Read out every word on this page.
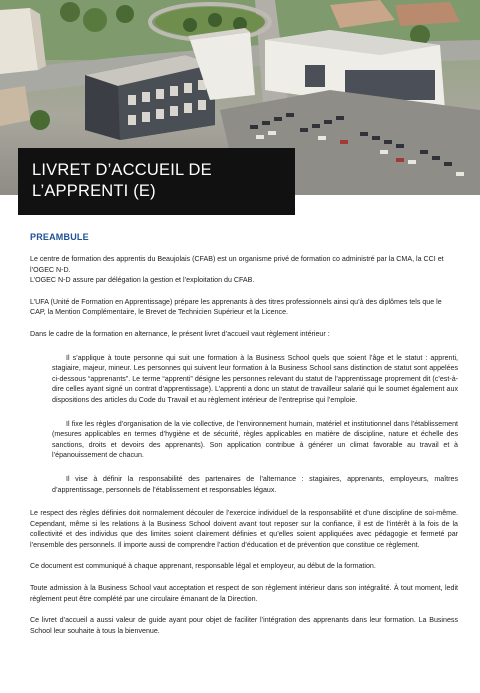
LIVRET D’ACCUEIL DE
L’APPRENTI (E)
PREAMBULE

Le centre de formation des apprentis du Beaujolais (CFAB) est un organisme privé de formation co administré par la CMA, la CCI et l’OGEC N-D.

L’OGEC N-D assure par délégation la gestion et l’exploitation du CFAB.

L’UFA (Unité de Formation en Apprentissage) prépare les apprenants à des titres professionnels ainsi qu’à des diplômes tels que le CAP, la Mention Complémentaire, le Brevet de Technicien Supérieur et la Licence.

Dans le cadre de la formation en alternance, le présent livret d’accueil vaut règlement intérieur :

Il s’applique à toute personne qui suit une formation à la Business School quels que soient l’âge et le statut : apprenti, stagiaire, majeur, mineur. Les personnes qui suivent leur formation à la Business School sans distinction de statut sont appelées ci-dessous “apprenants”. Le terme “apprenti” désigne les personnes relevant du statut de l’apprentissage proprement dit (c’est-à-dire celles ayant signé un contrat d’apprentissage). L’apprenti a donc un statut de travailleur salarié qui le soumet également aux dispositions des articles du Code du Travail et au règlement intérieur de l’entreprise qui l’emploie.

Il fixe les règles d’organisation de la vie collective, de l’environnement humain, matériel et institutionnel dans l’établissement (mesures applicables en termes d’hygiène et de sécurité, règles applicables en matière de discipline, nature et échelle des sanctions, droits et devoirs des apprenants). Son application contribue à générer un climat favorable au travail et à l’épanouissement de chacun.

Il vise à définir la responsabilité des partenaires de l’alternance : stagiaires, apprenants, employeurs, maîtres d’apprentissage, personnels de l’établissement et responsables légaux.

Le respect des règles définies doit normalement découler de l’exercice individuel de la responsabilité et d’une discipline de soi-même. Cependant, même si les relations à la Business School doivent avant tout reposer sur la confiance, il est de l’intérêt à la fois de la collectivité et des individus que des limites soient clairement définies et qu’elles soient appliquées avec pédagogie et fermeté par l’ensemble des personnels. Il importe aussi de comprendre l’action d’éducation et de prévention que constitue ce règlement.

Ce document est communiqué à chaque apprenant, responsable légal et employeur, au début de la formation.

Toute admission à la Business School vaut acceptation et respect de son règlement intérieur dans son intégralité. À tout moment, ledit règlement peut être complété par une circulaire émanant de la Direction.

Ce livret d’accueil a aussi valeur de guide ayant pour objet de faciliter l’intégration des apprenants dans leur formation. La Business School leur souhaite à tous la bienvenue.
